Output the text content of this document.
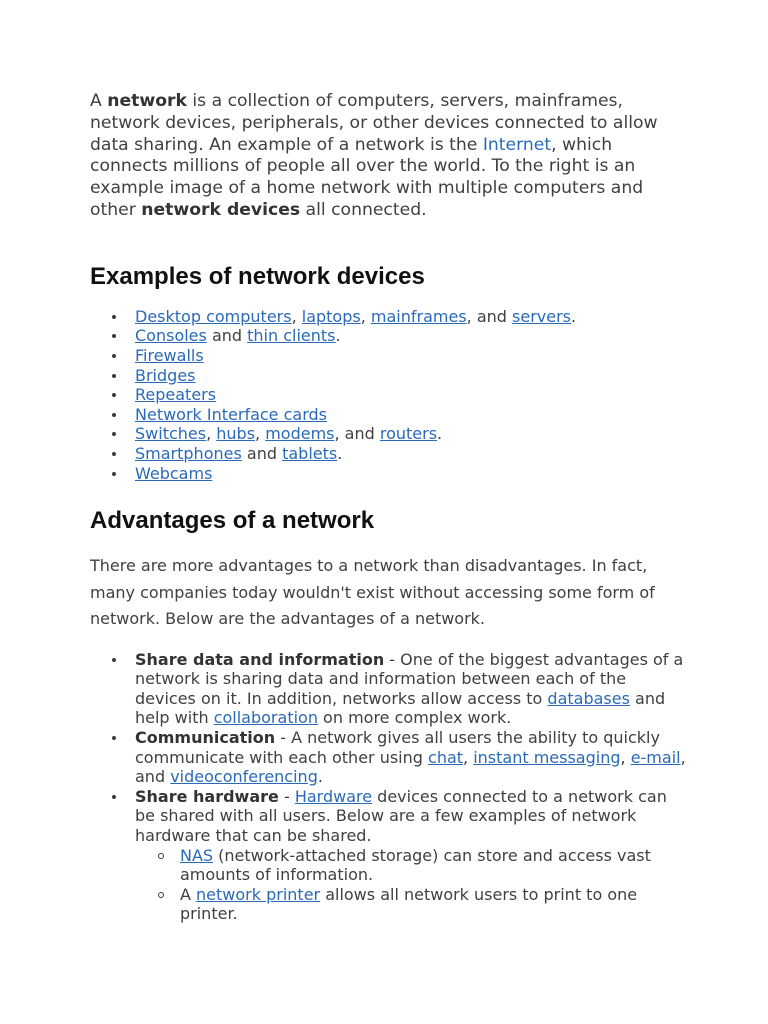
A network is a collection of computers, servers, mainframes, network devices, peripherals, or other devices connected to allow data sharing. An example of a network is the Internet, which connects millions of people all over the world. To the right is an example image of a home network with multiple computers and other network devices all connected.

Examples of network devices
Desktop computers, laptops, mainframes, and servers.
Consoles and thin clients.
Firewalls
Bridges
Repeaters
Network Interface cards
Switches, hubs, modems, and routers.
Smartphones and tablets.
Webcams
Advantages of a network

There are more advantages to a network than disadvantages. In fact, many companies today wouldn't exist without accessing some form of network. Below are the advantages of a network.

Share data and information - One of the biggest advantages of a network is sharing data and information between each of the devices on it. In addition, networks allow access to databases and help with collaboration on more complex work.
Communication - A network gives all users the ability to quickly communicate with each other using chat, instant messaging, e-mail, and videoconferencing.
Share hardware - Hardware devices connected to a network can be shared with all users. Below are a few examples of network hardware that can be shared.
NAS (network-attached storage) can store and access vast amounts of information.
A network printer allows all network users to print to one printer.
